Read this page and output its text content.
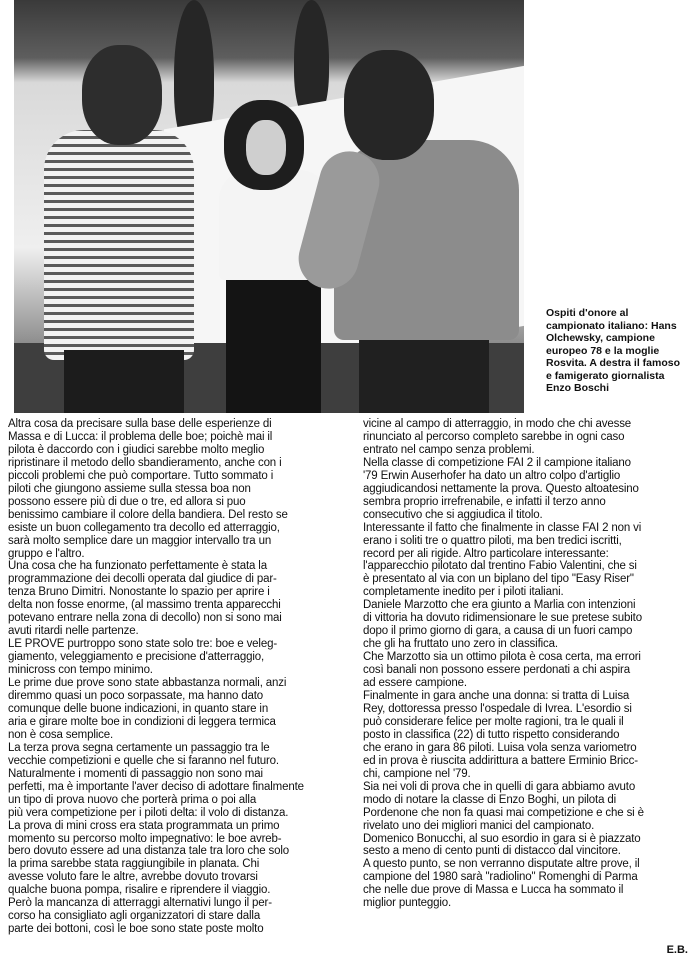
Ospiti d'onore al
campionato italiano: Hans
Olchewsky, campione
europeo 78 e la moglie
Rosvita. A destra il famoso
e famigerato giornalista
Enzo Boschi

Altra cosa da precisare sulla base delle esperienze di
Massa e di Lucca: il problema delle boe; poichè mai il
pilota è daccordo con i giudici sarebbe molto meglio
ripristinare il metodo dello sbandieramento, anche con i
piccoli problemi che può comportare. Tutto sommato i
piloti che giungono assieme sulla stessa boa non
possono essere più di due o tre, ed allora si puo
benissimo cambiare il colore della bandiera. Del resto se
esiste un buon collegamento tra decollo ed atterraggio,
sarà molto semplice dare un maggior intervallo tra un
gruppo e l'altro.

Una cosa che ha funzionato perfettamente è stata la
programmazione dei decolli operata dal giudice di par-
tenza Bruno Dimitri. Nonostante lo spazio per aprire i
delta non fosse enorme, (al massimo trenta apparecchi
potevano entrare nella zona di decollo) non si sono mai
avuti ritardi nelle partenze.

LE PROVE purtroppo sono state solo tre: boe e veleg-
giamento, veleggiamento e precisione d'atterraggio,
minicross con tempo minimo.

Le prime due prove sono state abbastanza normali, anzi
diremmo quasi un poco sorpassate, ma hanno dato
comunque delle buone indicazioni, in quanto stare in
aria e girare molte boe in condizioni di leggera termica
non è cosa semplice.

La terza prova segna certamente un passaggio tra le
vecchie competizioni e quelle che si faranno nel futuro.
Naturalmente i momenti di passaggio non sono mai
perfetti, ma è importante l'aver deciso di adottare finalmente
un tipo di prova nuovo che porterà prima o poi alla
più vera competizione per i piloti delta: il volo di distanza.

La prova di mini cross era stata programmata un primo
momento su percorso molto impegnativo: le boe avreb-
bero dovuto essere ad una distanza tale tra loro che solo
la prima sarebbe stata raggiungibile in planata. Chi
avesse voluto fare le altre, avrebbe dovuto trovarsi
qualche buona pompa, risalire e riprendere il viaggio.
Però la mancanza di atterraggi alternativi lungo il per-
corso ha consigliato agli organizzatori di stare dalla
parte dei bottoni, così le boe sono state poste molto

vicine al campo di atterraggio, in modo che chi avesse
rinunciato al percorso completo sarebbe in ogni caso
entrato nel campo senza problemi.

Nella classe di competizione FAI 2 il campione italiano
'79 Erwin Auserhofer ha dato un altro colpo d'artiglio
aggiudicandosi nettamente la prova. Questo altoatesino
sembra proprio irrefrenabile, e infatti il terzo anno
consecutivo che si aggiudica il titolo.

Interessante il fatto che finalmente in classe FAI 2 non vi
erano i soliti tre o quattro piloti, ma ben tredici iscritti,
record per ali rigide. Altro particolare interessante:
l'apparecchio pilotato dal trentino Fabio Valentini, che si
è presentato al via con un biplano del tipo "Easy Riser"
completamente inedito per i piloti italiani.

Daniele Marzotto che era giunto a Marlia con intenzioni
di vittoria ha dovuto ridimensionare le sue pretese subito
dopo il primo giorno di gara, a causa di un fuori campo
che gli ha fruttato uno zero in classifica.

Che Marzotto sia un ottimo pilota è cosa certa, ma errori
così banali non possono essere perdonati a chi aspira
ad essere campione.

Finalmente in gara anche una donna: si tratta di Luisa
Rey, dottoressa presso l'ospedale di Ivrea. L'esordio si
può considerare felice per molte ragioni, tra le quali il
posto in classifica (22) di tutto rispetto considerando
che erano in gara 86 piloti. Luisa vola senza variometro
ed in prova è riuscita addirittura a battere Erminio Bricc-
chi, campione nel '79.

Sia nei voli di prova che in quelli di gara abbiamo avuto
modo di notare la classe di Enzo Boghi, un pilota di
Pordenone che non fa quasi mai competizione e che si è
rivelato uno dei migliori manici del campionato.

Domenico Bonucchi, al suo esordio in gara si è piazzato
sesto a meno di cento punti di distacco dal vincitore.

A questo punto, se non verranno disputate altre prove, il
campione del 1980 sarà "radiolino" Romenghi di Parma
che nelle due prove di Massa e Lucca ha sommato il
miglior punteggio.

E.B.
